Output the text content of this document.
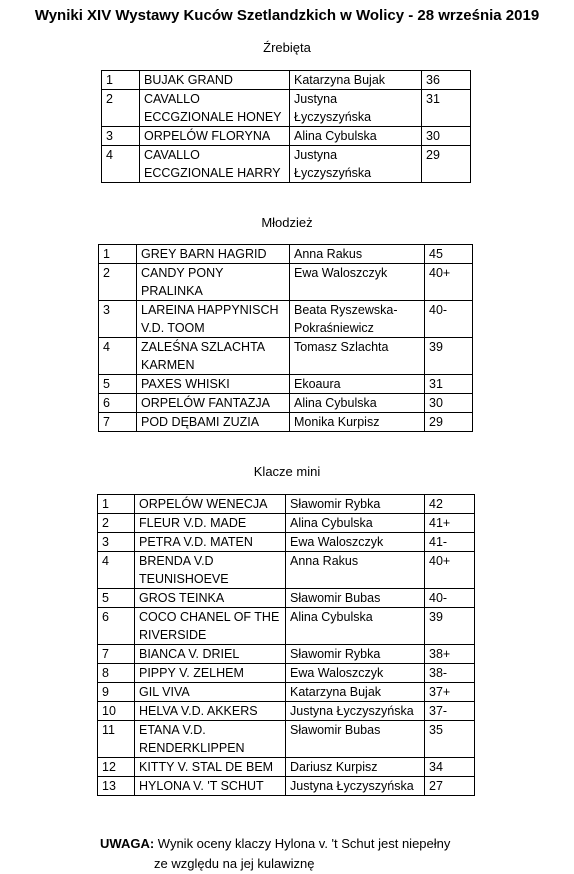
Wyniki XIV Wystawy Kuców Szetlandzkich w Wolicy - 28 września 2019
Źrebięta
1	BUJAK GRAND	Katarzyna Bujak	36
2	CAVALLO ECCGZIONALE HONEY	Justyna Łyczyszyńska	31
3	ORPELÓW FLORYNA	Alina Cybulska	30
4	CAVALLO ECCGZIONALE HARRY	Justyna Łyczyszyńska	29
Młodzież
1	GREY BARN HAGRID	Anna Rakus	45
2	CANDY PONY PRALINKA	Ewa Waloszczyk	40+
3	LAREINA HAPPYNISCH V.D. TOOM	Beata Ryszewska-Pokraśniewicz	40-
4	ZALEŚNA SZLACHTA KARMEN	Tomasz Szlachta	39
5	PAXES WHISKI	Ekoaura	31
6	ORPELÓW FANTAZJA	Alina Cybulska	30
7	POD DĘBAMI ZUZIA	Monika Kurpisz	29
Klacze mini
1	ORPELÓW WENECJA	Sławomir Rybka	42
2	FLEUR V.D. MADE	Alina Cybulska	41+
3	PETRA V.D. MATEN	Ewa Waloszczyk	41-
4	BRENDA V.D TEUNISHOEVE	Anna Rakus	40+
5	GROS TEINKA	Sławomir Bubas	40-
6	COCO CHANEL OF THE RIVERSIDE	Alina Cybulska	39
7	BIANCA V. DRIEL	Sławomir Rybka	38+
8	PIPPY V. ZELHEM	Ewa Waloszczyk	38-
9	GIL VIVA	Katarzyna Bujak	37+
10	HELVA V.D. AKKERS	Justyna Łyczyszyńska	37-
11	ETANA V.D. RENDERKLIPPEN	Sławomir Bubas	35
12	KITTY V. STAL DE BEM	Dariusz Kurpisz	34
13	HYLONA V. 'T SCHUT	Justyna Łyczyszyńska	27
UWAGA: Wynik oceny klaczy Hylona v. 't Schut jest niepełny
ze względu na jej kulawiznę
